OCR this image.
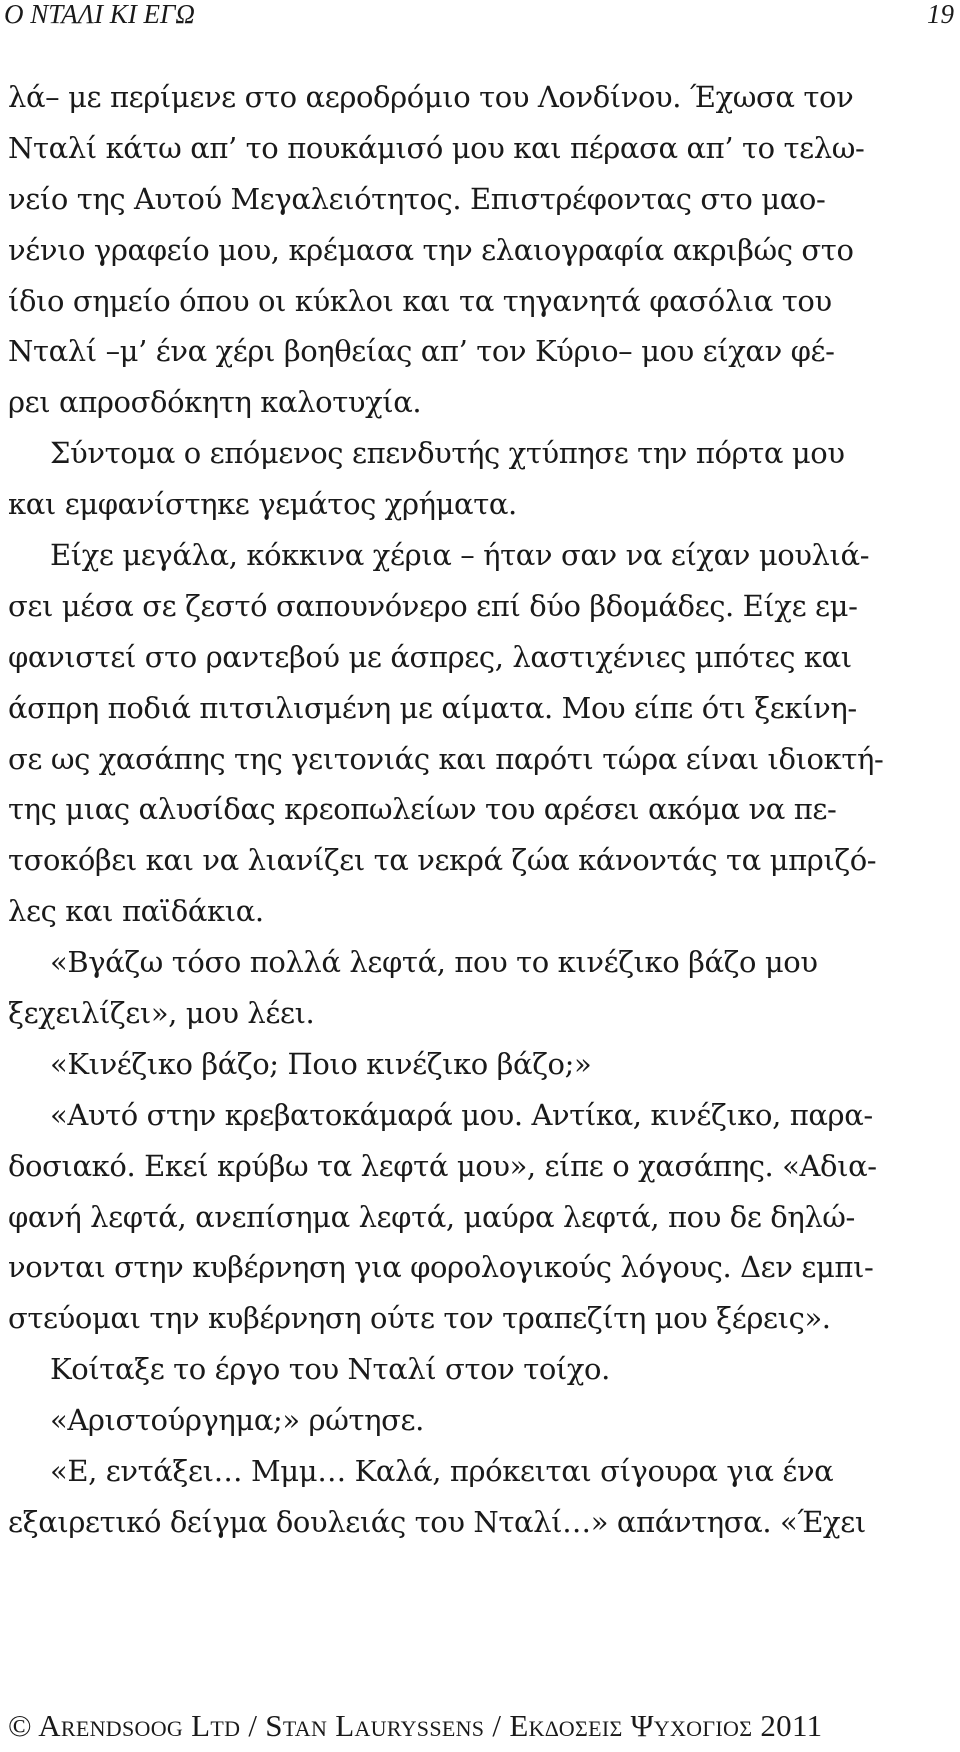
Ο ΝΤΑΛΙ ΚΙ ΕΓΩ	19
λά– με περίμενε στο αεροδρόμιο του Λονδίνου. Έχωσα τον
Νταλί κάτω απ’ το πουκάμισό μου και πέρασα απ’ το τελω-
νείο της Αυτού Μεγαλειότητος. Επιστρέφοντας στο μαο-
νένιο γραφείο μου, κρέμασα την ελαιογραφία ακριβώς στο
ίδιο σημείο όπου οι κύκλοι και τα τηγανητά φασόλια του
Νταλί –μ’ ένα χέρι βοηθείας απ’ τον Κύριο– μου είχαν φέ-
ρει απροσδόκητη καλοτυχία.
Σύντομα ο επόμενος επενδυτής χτύπησε την πόρτα μου
και εμφανίστηκε γεμάτος χρήματα.
Είχε μεγάλα, κόκκινα χέρια – ήταν σαν να είχαν μουλιά-
σει μέσα σε ζεστό σαπουνόνερο επί δύο βδομάδες. Είχε εμ-
φανιστεί στο ραντεβού με άσπρες, λαστιχένιες μπότες και
άσπρη ποδιά πιτσιλισμένη με αίματα. Μου είπε ότι ξεκίνη-
σε ως χασάπης της γειτονιάς και παρότι τώρα είναι ιδιοκτή-
της μιας αλυσίδας κρεοπωλείων του αρέσει ακόμα να πε-
τσοκόβει και να λιανίζει τα νεκρά ζώα κάνοντάς τα μπριζό-
λες και παϊδάκια.
«Βγάζω τόσο πολλά λεφτά, που το κινέζικο βάζο μου
ξεχειλίζει», μου λέει.
«Κινέζικο βάζο; Ποιο κινέζικο βάζο;»
«Αυτό στην κρεβατοκάμαρά μου. Αντίκα, κινέζικο, παρα-
δοσιακό. Εκεί κρύβω τα λεφτά μου», είπε ο χασάπης. «Αδια-
φανή λεφτά, ανεπίσημα λεφτά, μαύρα λεφτά, που δε δηλώ-
νονται στην κυβέρνηση για φορολογικούς λόγους. Δεν εμπι-
στεύομαι την κυβέρνηση ούτε τον τραπεζίτη μου ξέρεις».
Κοίταξε το έργο του Νταλί στον τοίχο.
«Αριστούργημα;» ρώτησε.
«Ε, εντάξει… Μμμ… Καλά, πρόκειται σίγουρα για ένα
εξαιρετικό δείγμα δουλειάς του Νταλί…» απάντησα. «Έχει
© Arendsoog Ltd / Stan Lauryssens / Εκδοσεις Ψυχογιος 2011
